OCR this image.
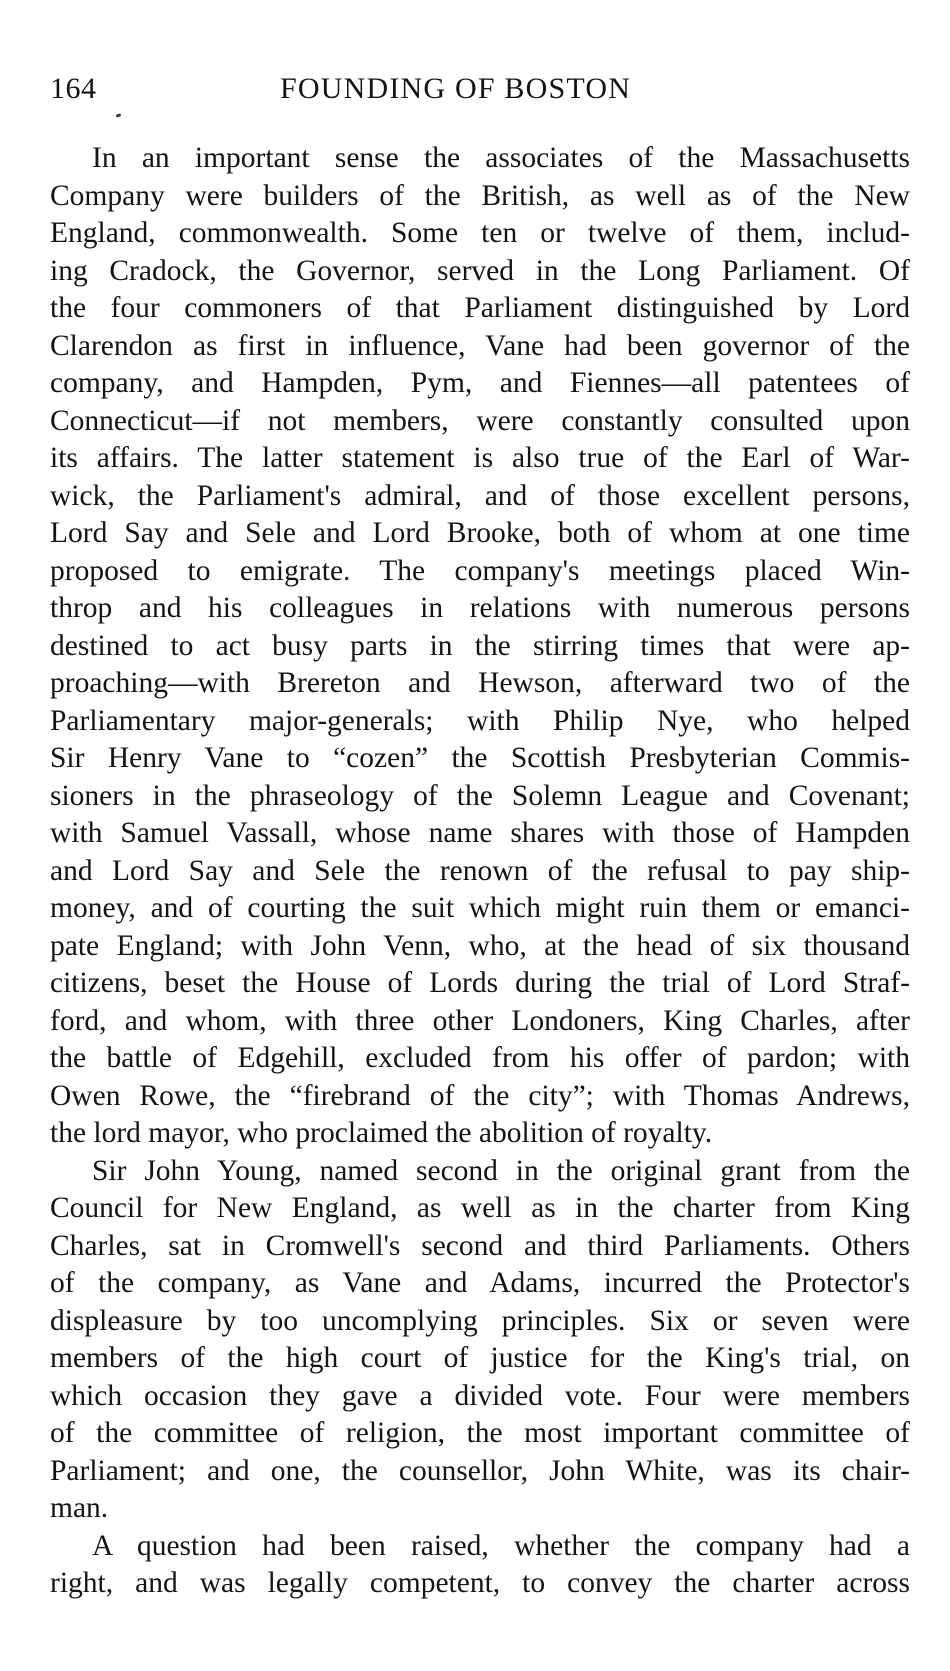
164	FOUNDING OF BOSTON
In an important sense the associates of the Massachusetts
Company were builders of the British, as well as of the New
England, commonwealth. Some ten or twelve of them, includ-
ing Cradock, the Governor, served in the Long Parliament. Of
the four commoners of that Parliament distinguished by Lord
Clarendon as first in influence, Vane had been governor of the
company, and Hampden, Pym, and Fiennes—all patentees of
Connecticut—if not members, were constantly consulted upon
its affairs. The latter statement is also true of the Earl of War-
wick, the Parliament's admiral, and of those excellent persons,
Lord Say and Sele and Lord Brooke, both of whom at one time
proposed to emigrate. The company's meetings placed Win-
throp and his colleagues in relations with numerous persons
destined to act busy parts in the stirring times that were ap-
proaching—with Brereton and Hewson, afterward two of the
Parliamentary major-generals; with Philip Nye, who helped
Sir Henry Vane to “cozen” the Scottish Presbyterian Commis-
sioners in the phraseology of the Solemn League and Covenant;
with Samuel Vassall, whose name shares with those of Hampden
and Lord Say and Sele the renown of the refusal to pay ship-
money, and of courting the suit which might ruin them or emanci-
pate England; with John Venn, who, at the head of six thousand
citizens, beset the House of Lords during the trial of Lord Straf-
ford, and whom, with three other Londoners, King Charles, after
the battle of Edgehill, excluded from his offer of pardon; with
Owen Rowe, the “firebrand of the city”; with Thomas Andrews,
the lord mayor, who proclaimed the abolition of royalty.
Sir John Young, named second in the original grant from the
Council for New England, as well as in the charter from King
Charles, sat in Cromwell's second and third Parliaments. Others
of the company, as Vane and Adams, incurred the Protector's
displeasure by too uncomplying principles. Six or seven were
members of the high court of justice for the King's trial, on
which occasion they gave a divided vote. Four were members
of the committee of religion, the most important committee of
Parliament; and one, the counsellor, John White, was its chair-
man.
A question had been raised, whether the company had a
right, and was legally competent, to convey the charter across
